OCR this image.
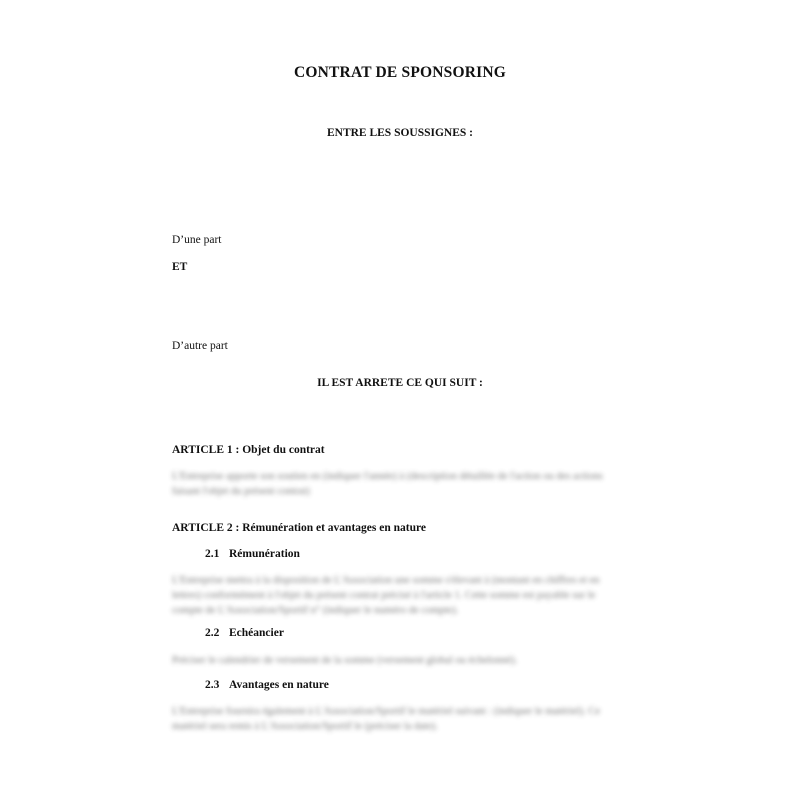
CONTRAT DE SPONSORING
ENTRE LES SOUSSIGNES :
D’une part
ET
D’autre part
IL EST ARRETE CE QUI SUIT :
ARTICLE 1 : Objet du contrat
L'Entreprise apporte son soutien en (indiquer l'année) à (description détaillée de l'action ou des actions faisant l'objet du présent contrat)
ARTICLE 2 : Rémunération et avantages en nature
2.1 Rémunération
L'Entreprise mettra à la disposition de L'Association une somme s'élevant à (montant en chiffres et en lettres) conformément à l'objet du présent contrat précisé à l'article 1. Cette somme est payable sur le compte de L'Association/Sportif n° (indiquer le numéro de compte).
2.2 Echéancier
Préciser le calendrier de versement de la somme (versement global ou échelonné).
2.3 Avantages en nature
L'Entreprise fournira également à L'Association/Sportif le matériel suivant : (indiquer le matériel). Ce matériel sera remis à L'Association/Sportif le (préciser la date).
